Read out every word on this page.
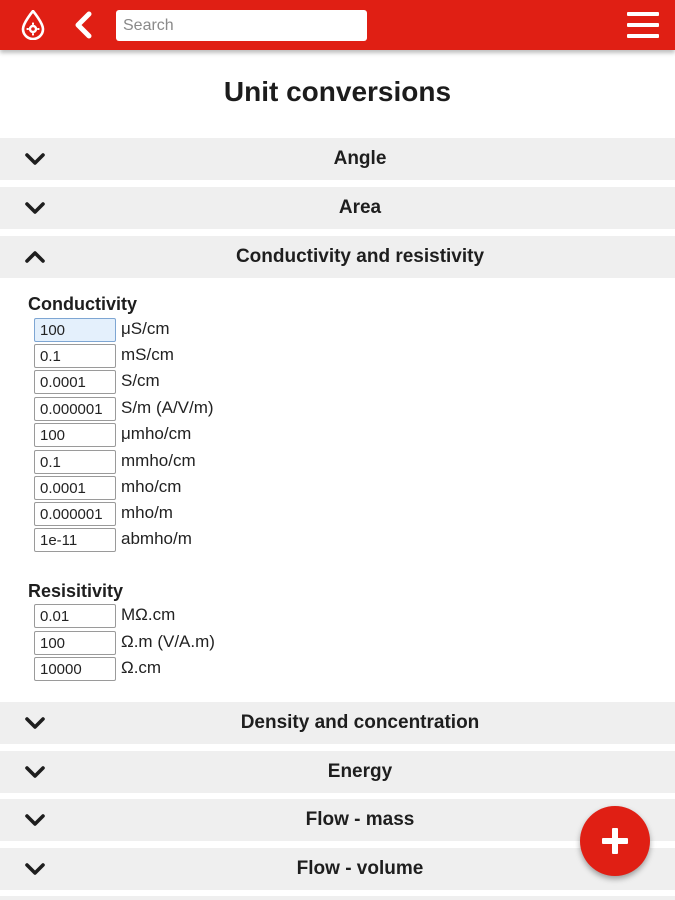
Search
Unit conversions
Angle
Area
Conductivity and resistivity
Conductivity
100
μS/cm
0.1
mS/cm
0.0001
S/cm
0.000001
S/m (A/V/m)
100
μmho/cm
0.1
mmho/cm
0.0001
mho/cm
0.000001
mho/m
1e-11
abmho/m
Resisitivity
0.01
MΩ.cm
100
Ω.m (V/A.m)
10000
Ω.cm
Density and concentration
Energy
Flow - mass
Flow - volume
